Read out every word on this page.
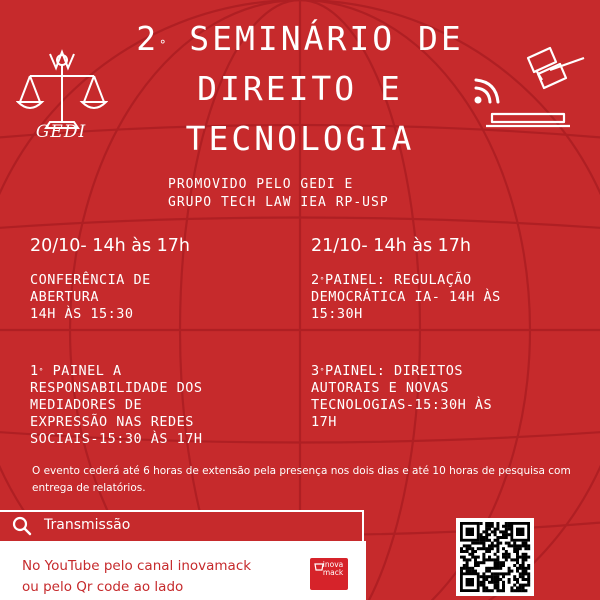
GEDI
2° SEMINÁRIO DE
DIREITO E
TECNOLOGIA
PROMOVIDO PELO GEDI E
GRUPO TECH LAW IEA RP-USP
20/10- 14h às 17h
CONFERÊNCIA DE
ABERTURA
14H ÀS 15:30
1° PAINEL A
RESPONSABILIDADE DOS
MEDIADORES DE
EXPRESSÃO NAS REDES
SOCIAIS-15:30 ÀS 17H
21/10- 14h às 17h
2°PAINEL: REGULAÇÃO
DEMOCRÁTICA IA- 14H ÀS
15:30H
3°PAINEL: DIREITOS
AUTORAIS E NOVAS
TECNOLOGIAS-15:30H ÀS
17H
O evento cederá até 6 horas de extensão pela presença nos dois dias e até 10 horas de pesquisa com entrega de relatórios.
Transmissão
No YouTube pelo canal inovamack
ou pelo Qr code ao lado
inova
mack
